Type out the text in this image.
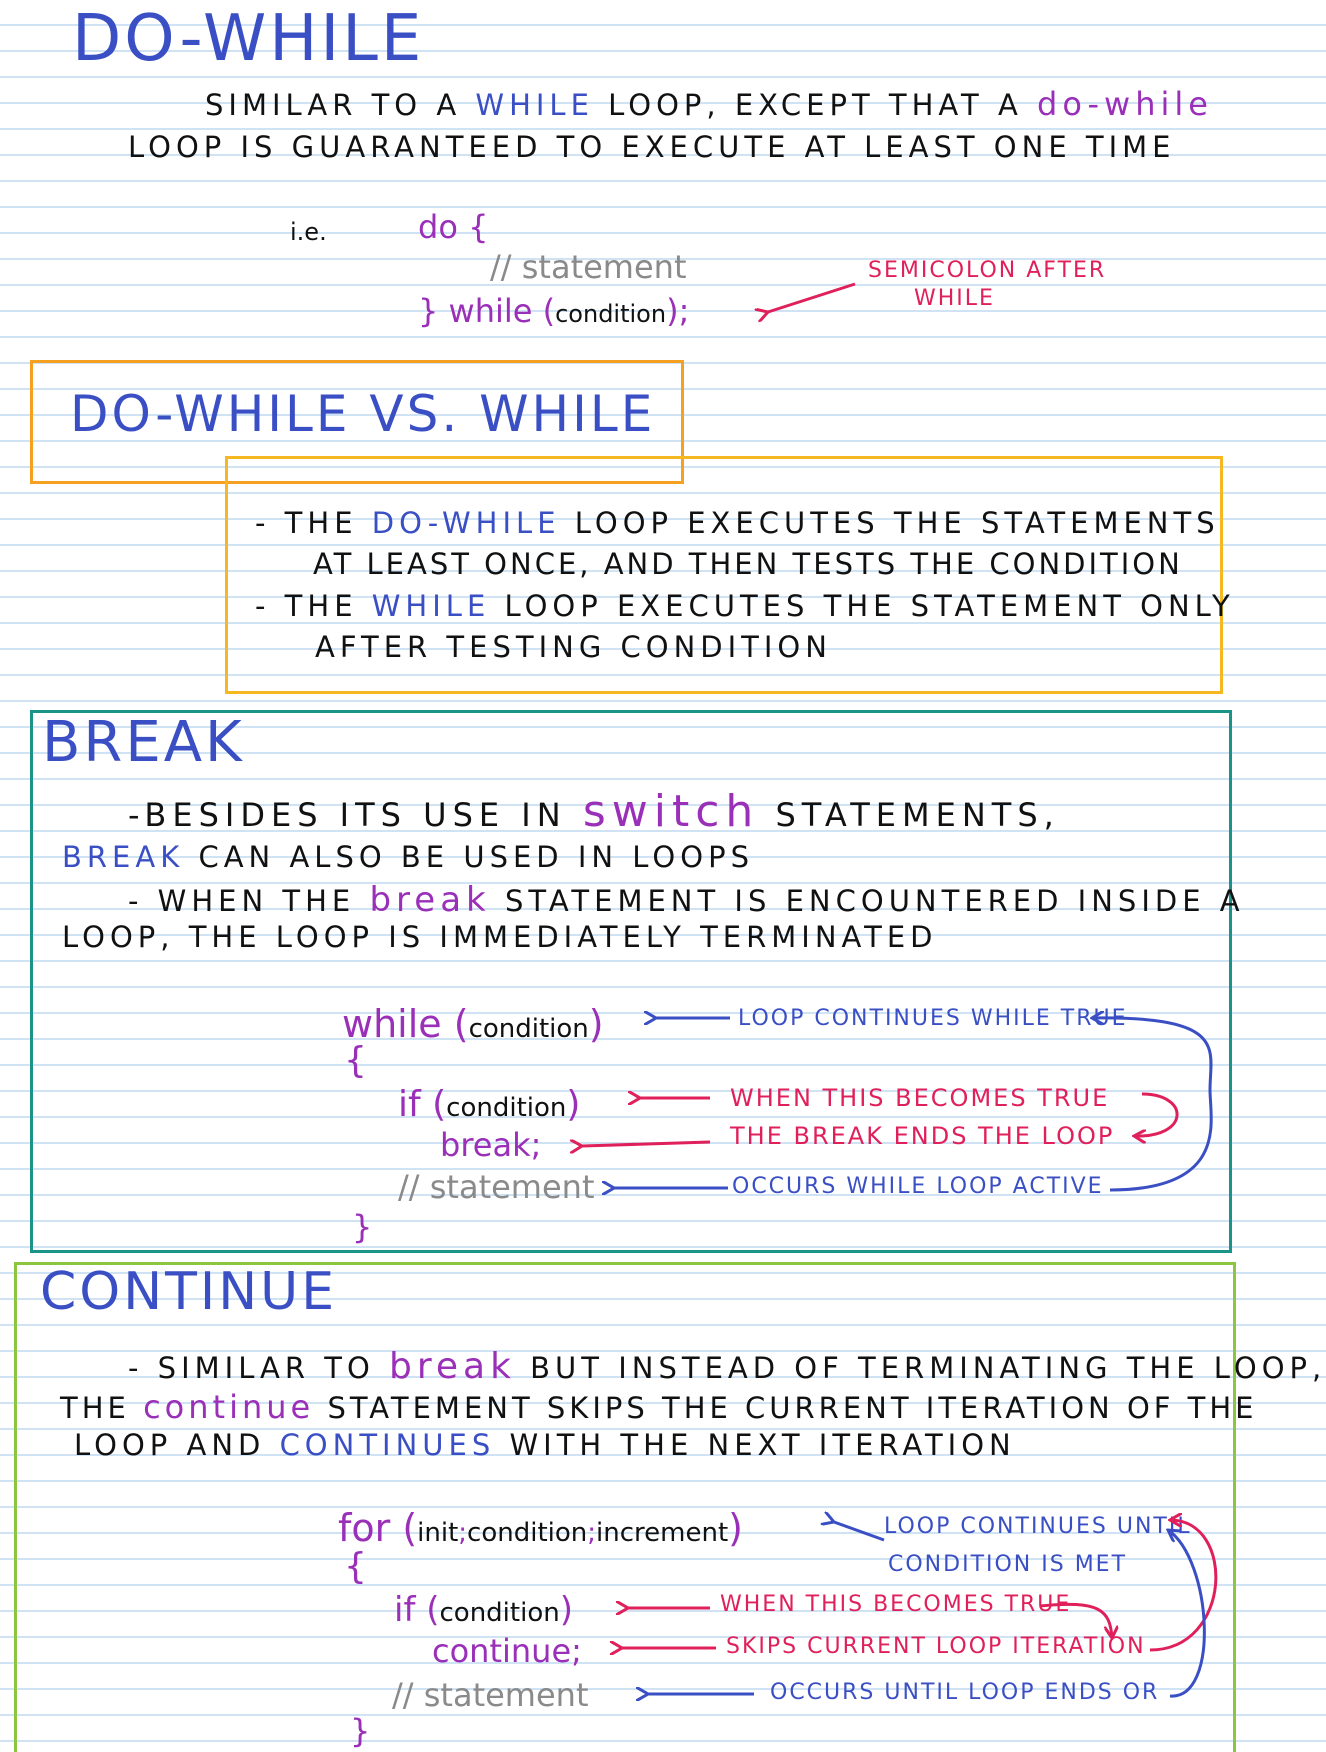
DO-WHILE
SIMILAR TO A WHILE LOOP, EXCEPT THAT A do-while
LOOP IS GUARANTEED TO EXECUTE AT LEAST ONE TIME
i.e.	do {
// statement
} while (condition);
SEMICOLON AFTER
WHILE
DO-WHILE VS. WHILE
- THE DO-WHILE LOOP EXECUTES THE STATEMENTS
AT LEAST ONCE, AND THEN TESTS THE CONDITION
- THE WHILE LOOP EXECUTES THE STATEMENT ONLY
AFTER TESTING CONDITION
BREAK
-BESIDES ITS USE IN switch STATEMENTS,
BREAK CAN ALSO BE USED IN LOOPS
- WHEN THE break STATEMENT IS ENCOUNTERED INSIDE A
LOOP, THE LOOP IS IMMEDIATELY TERMINATED
while (condition)
{
if (condition)
break;
// statement
}
LOOP CONTINUES WHILE TRUE
WHEN THIS BECOMES TRUE
THE BREAK ENDS THE LOOP
OCCURS WHILE LOOP ACTIVE
CONTINUE
- SIMILAR TO break BUT INSTEAD OF TERMINATING THE LOOP,
THE continue STATEMENT SKIPS THE CURRENT ITERATION OF THE
LOOP AND CONTINUES WITH THE NEXT ITERATION
for (init;condition;increment)
{
if (condition)
continue;
// statement
}
LOOP CONTINUES UNTIL
CONDITION IS MET
WHEN THIS BECOMES TRUE
SKIPS CURRENT LOOP ITERATION
OCCURS UNTIL LOOP ENDS OR
